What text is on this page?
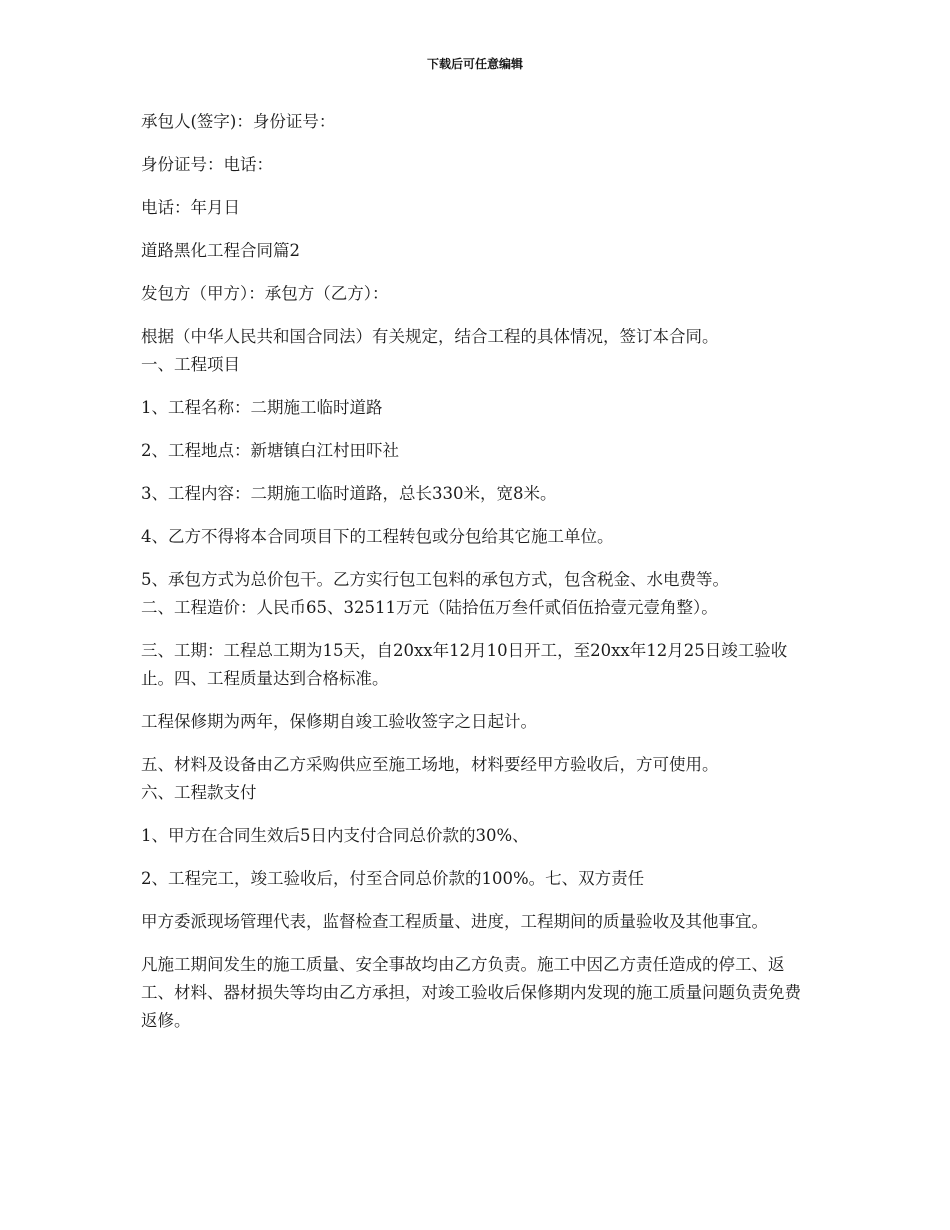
下载后可任意编辑

承包人(签字)：身份证号：

身份证号：电话：

电话：年月日

道路黑化工程合同篇2

发包方（甲方）：承包方（乙方）：

根据（中华人民共和国合同法）有关规定，结合工程的具体情况，签订本合同。

一、工程项目

1、工程名称：二期施工临时道路

2、工程地点：新塘镇白江村田吓社

3、工程内容：二期施工临时道路，总长330米，宽8米。

4、乙方不得将本合同项目下的工程转包或分包给其它施工单位。

5、承包方式为总价包干。乙方实行包工包料的承包方式，包含税金、水电费等。

二、工程造价：人民币65、32511万元（陆拾伍万叁仟贰佰伍拾壹元壹角整）。

三、工期：工程总工期为15天，自20xx年12月10日开工，至20xx年12月25日竣工验收止。四、工程质量达到合格标准。

工程保修期为两年，保修期自竣工验收签字之日起计。

五、材料及设备由乙方采购供应至施工场地，材料要经甲方验收后，方可使用。

六、工程款支付

1、甲方在合同生效后5日内支付合同总价款的30%、

2、工程完工，竣工验收后，付至合同总价款的100%。七、双方责任

甲方委派现场管理代表，监督检查工程质量、进度，工程期间的质量验收及其他事宜。

凡施工期间发生的施工质量、安全事故均由乙方负责。施工中因乙方责任造成的停工、返工、材料、器材损失等均由乙方承担，对竣工验收后保修期内发现的施工质量问题负责免费返修。
